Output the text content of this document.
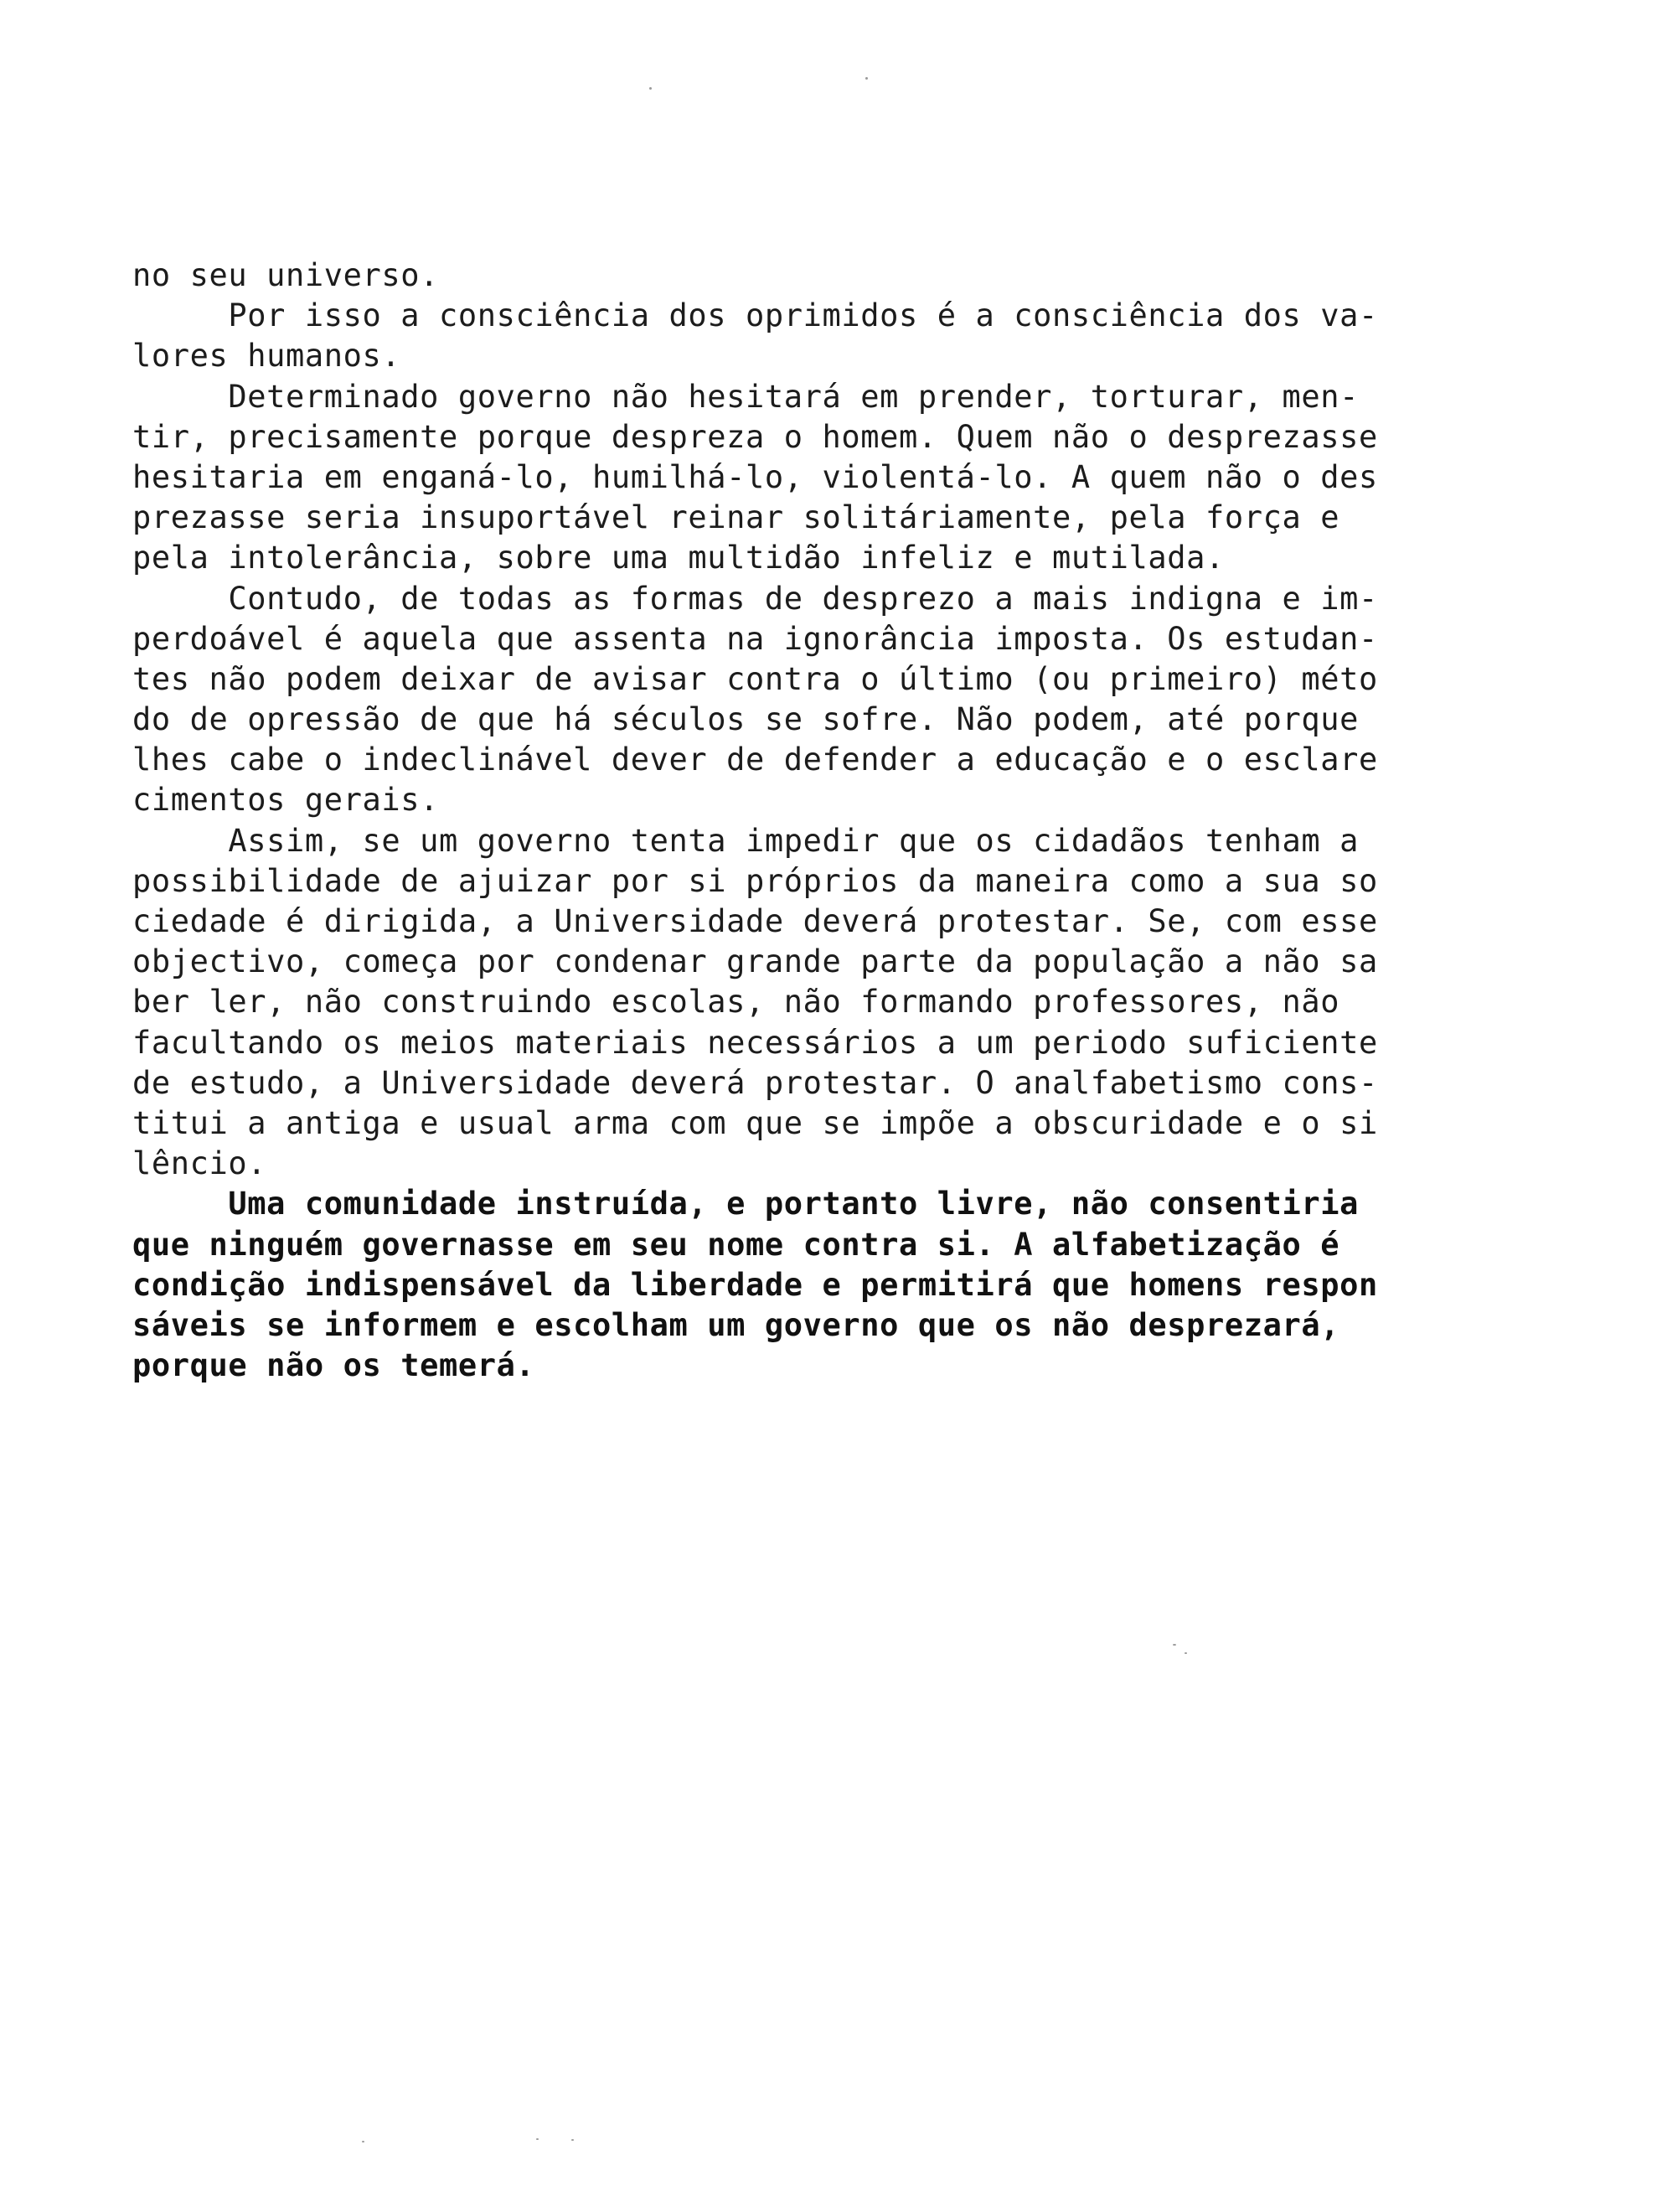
no seu universo.
Por isso a consciência dos oprimidos é a consciência dos va-
lores humanos.
Determinado governo não hesitará em prender, torturar, men-
tir, precisamente porque despreza o homem. Quem não o desprezasse
hesitaria em enganá-lo, humilhá-lo, violentá-lo. A quem não o des
prezasse seria insuportável reinar solitáriamente, pela força e
pela intolerância, sobre uma multidão infeliz e mutilada.
Contudo, de todas as formas de desprezo a mais indigna e im-
perdoável é aquela que assenta na ignorância imposta. Os estudan-
tes não podem deixar de avisar contra o último (ou primeiro) méto
do de opressão de que há séculos se sofre. Não podem, até porque
lhes cabe o indeclinável dever de defender a educação e o esclare
cimentos gerais.
Assim, se um governo tenta impedir que os cidadãos tenham a
possibilidade de ajuizar por si próprios da maneira como a sua so
ciedade é dirigida, a Universidade deverá protestar. Se, com esse
objectivo, começa por condenar grande parte da população a não sa
ber ler, não construindo escolas, não formando professores, não
facultando os meios materiais necessários a um periodo suficiente
de estudo, a Universidade deverá protestar. O analfabetismo cons-
titui a antiga e usual arma com que se impõe a obscuridade e o si
lêncio.
Uma comunidade instruída, e portanto livre, não consentiria
que ninguém governasse em seu nome contra si. A alfabetização é
condição indispensável da liberdade e permitirá que homens respon
sáveis se informem e escolham um governo que os não desprezará,
porque não os temerá.
